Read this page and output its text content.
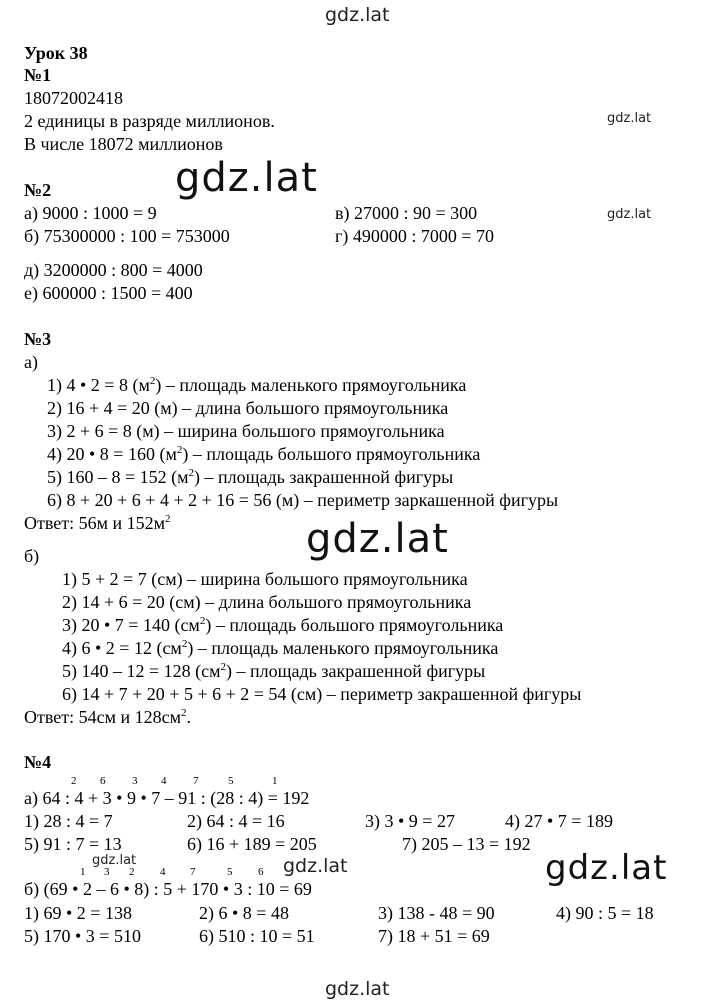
gdz.lat
gdz.lat
gdz.lat
gdz.lat
gdz.lat
gdz.lat
gdz.lat	gdz.lat
gdz.lat
Урок 38
№1
18072002418
2 единицы в разряде миллионов.
В числе 18072 миллионов
№2
а) 9000 : 1000 = 9	в) 27000 : 90 = 300
б) 75300000 : 100 = 753000	г) 490000 : 7000 = 70
д) 3200000 : 800 = 4000
е) 600000 : 1500 = 400
№3
а)
1) 4 • 2 = 8 $(м^2)$ – площадь маленького прямоугольника
2) 16 + 4 = 20 (м) – длина большого прямоугольника
3) 2 + 6 = 8 (м) – ширина большого прямоугольника
4) 20 • 8 = 160 $(м^2)$ – площадь большого прямоугольника
5) 160 – 8 = 152 $(м^2)$ – площадь закрашенной фигуры
6) 8 + 20 + 6 + 4 + 2 + 16 = 56 (м) – периметр заркашенной фигуры
Ответ: 56м и $152м^2$
б)
1) 5 + 2 = 7 (см) – ширина большого прямоугольника
2) 14 + 6 = 20 (см) – длина большого прямоугольника
3) 20 • 7 = 140 $(см^2)$ – площадь большого прямоугольника
4) 6 • 2 = 12 $(см^2)$ – площадь маленького прямоугольника
5) 140 – 12 = 128 $(см^2)$ – площадь закрашенной фигуры
6) 14 + 7 + 20 + 5 + 6 + 2 = 54 (см) – периметр закрашенной фигуры
Ответ: 54см и $128см^2$.
№4
2 6 3 4 7	5	1
а) 64 : 4 + 3 • 9 • 7 – 91 : (28 : 4) = 192
1) 28 : 4 = 7	2) 64 : 4 = 16	3) 3 • 9 = 27	4) 27 • 7 = 189
5) 91 : 7 = 13	6) 16 + 189 = 205	7) 205 – 13 = 192
1 3 2 4 7	5 6
б) (69 • 2 – 6 • 8) : 5 + 170 • 3 : 10 = 69
1) 69 • 2 = 138	2) 6 • 8 = 48	3) 138 - 48 = 90	4) 90 : 5 = 18
5) 170 • 3 = 510	6) 510 : 10 = 51	7) 18 + 51 = 69
